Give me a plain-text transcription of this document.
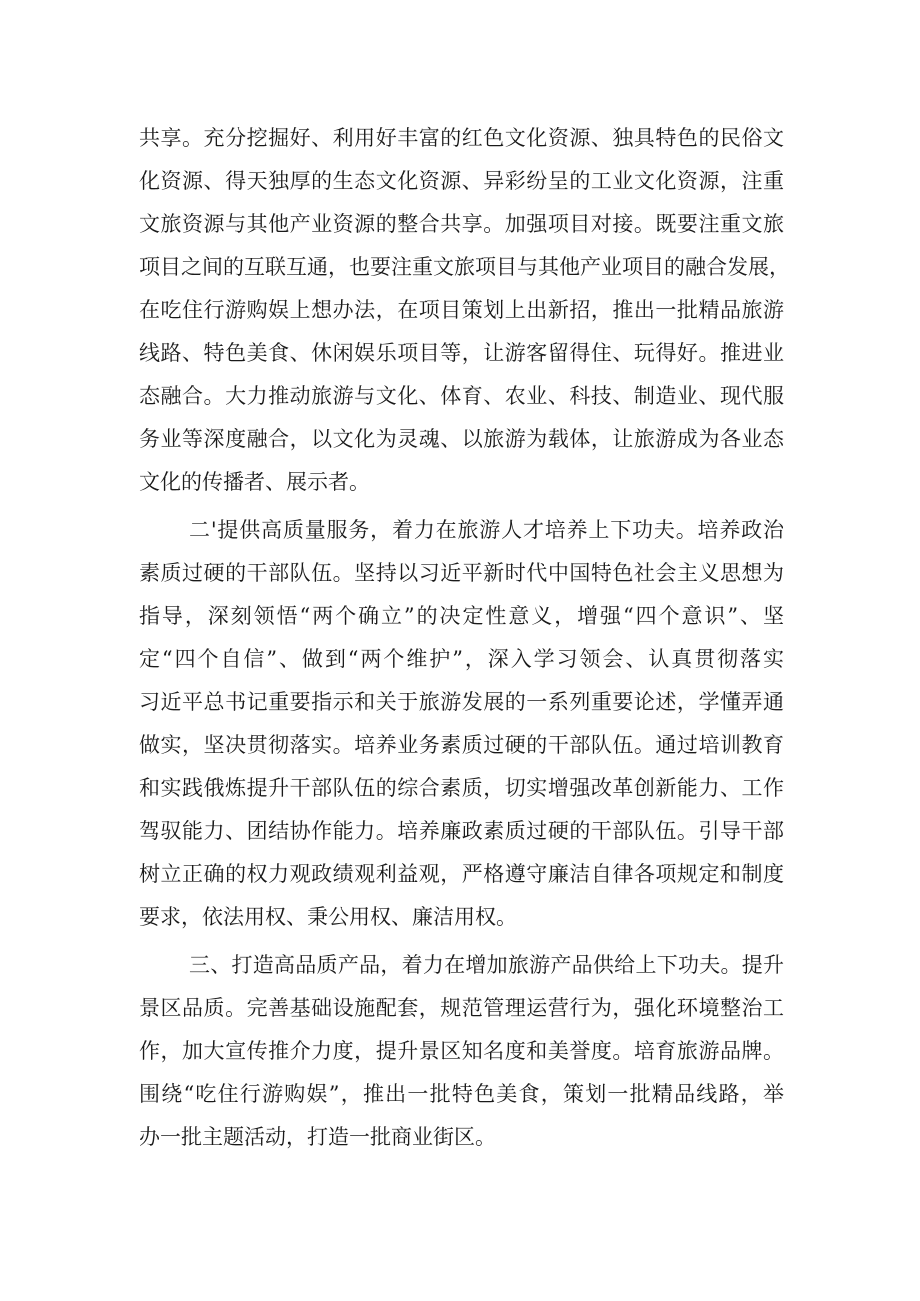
共享。充分挖掘好、利用好丰富的红色文化资源、独具特色的民俗文
化资源、得天独厚的生态文化资源、异彩纷呈的工业文化资源，注重
文旅资源与其他产业资源的整合共享。加强项目对接。既要注重文旅
项目之间的互联互通，也要注重文旅项目与其他产业项目的融合发展，
在吃住行游购娱上想办法，在项目策划上出新招，推出一批精品旅游
线路、特色美食、休闲娱乐项目等，让游客留得住、玩得好。推进业
态融合。大力推动旅游与文化、体育、农业、科技、制造业、现代服
务业等深度融合，以文化为灵魂、以旅游为载体，让旅游成为各业态
文化的传播者、展示者。
二'提供高质量服务，着力在旅游人才培养上下功夫。培养政治
素质过硬的干部队伍。坚持以习近平新时代中国特色社会主义思想为
指导，深刻领悟“两个确立”的决定性意义，增强“四个意识”、坚
定“四个自信”、做到“两个维护”，深入学习领会、认真贯彻落实
习近平总书记重要指示和关于旅游发展的一系列重要论述，学懂弄通
做实，坚决贯彻落实。培养业务素质过硬的干部队伍。通过培训教育
和实践俄炼提升干部队伍的综合素质，切实增强改革创新能力、工作
驾驭能力、团结协作能力。培养廉政素质过硬的干部队伍。引导干部
树立正确的权力观政绩观利益观，严格遵守廉洁自律各项规定和制度
要求，依法用权、秉公用权、廉洁用权。
三、打造高品质产品，着力在增加旅游产品供给上下功夫。提升
景区品质。完善基础设施配套，规范管理运营行为，强化环境整治工
作，加大宣传推介力度，提升景区知名度和美誉度。培育旅游品牌。
围绕“吃住行游购娱”，推出一批特色美食，策划一批精品线路，举
办一批主题活动，打造一批商业街区。
